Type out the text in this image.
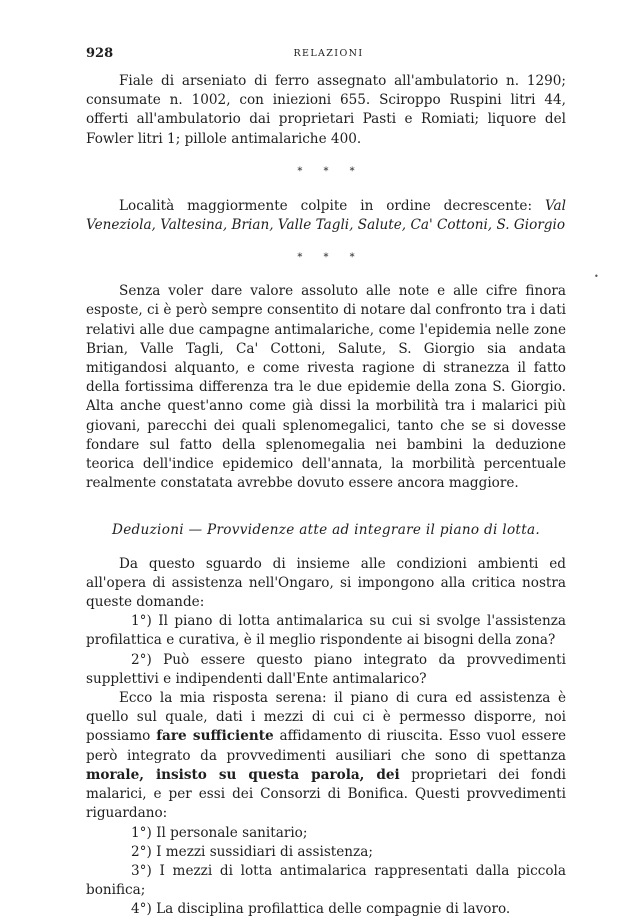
928	RELAZIONI

Fiale di arseniato di ferro assegnato all'ambulatorio n. 1290; consumate n. 1002, con iniezioni 655. Sciroppo Ruspini litri 44, offerti all'ambulatorio dai proprietari Pasti e Romiati; liquore del Fowler litri 1; pillole antimalariche 400.

* * *

Località maggiormente colpite in ordine decrescente: Val Veneziola, Valtesina, Brian, Valle Tagli, Salute, Ca' Cottoni, S. Giorgio

* * *

Senza voler dare valore assoluto alle note e alle cifre finora esposte, ci è però sempre consentito di notare dal confronto tra i dati relativi alle due campagne antimalariche, come l'epidemia nelle zone Brian, Valle Tagli, Ca' Cottoni, Salute, S. Giorgio sia andata mitigandosi alquanto, e come rivesta ragione di stranezza il fatto della fortissima differenza tra le due epidemie della zona S. Giorgio. Alta anche quest'anno come già dissi la morbilità tra i malarici più giovani, parecchi dei quali splenomegalici, tanto che se si dovesse fondare sul fatto della splenomegalia nei bambini la deduzione teorica dell'indice epidemico dell'annata, la morbilità percentuale realmente constatata avrebbe dovuto essere ancora maggiore.

Deduzioni — Provvidenze atte ad integrare il piano di lotta.

Da questo sguardo di insieme alle condizioni ambienti ed all'opera di assistenza nell'Ongaro, si impongono alla critica nostra queste domande:

1°) Il piano di lotta antimalarica su cui si svolge l'assistenza profilattica e curativa, è il meglio rispondente ai bisogni della zona?

2°) Può essere questo piano integrato da provvedimenti supplettivi e indipendenti dall'Ente antimalarico?

Ecco la mia risposta serena: il piano di cura ed assistenza è quello sul quale, dati i mezzi di cui ci è permesso disporre, noi possiamo fare sufficiente affidamento di riuscita. Esso vuol essere però integrato da provvedimenti ausiliari che sono di spettanza morale, insisto su questa parola, dei proprietari dei fondi malarici, e per essi dei Consorzi di Bonifica. Questi provvedimenti riguardano:

1°) Il personale sanitario;

2°) I mezzi sussidiari di assistenza;

3°) I mezzi di lotta antimalarica rappresentati dalla piccola bonifica;

4°) La disciplina profilattica delle compagnie di lavoro.

•
